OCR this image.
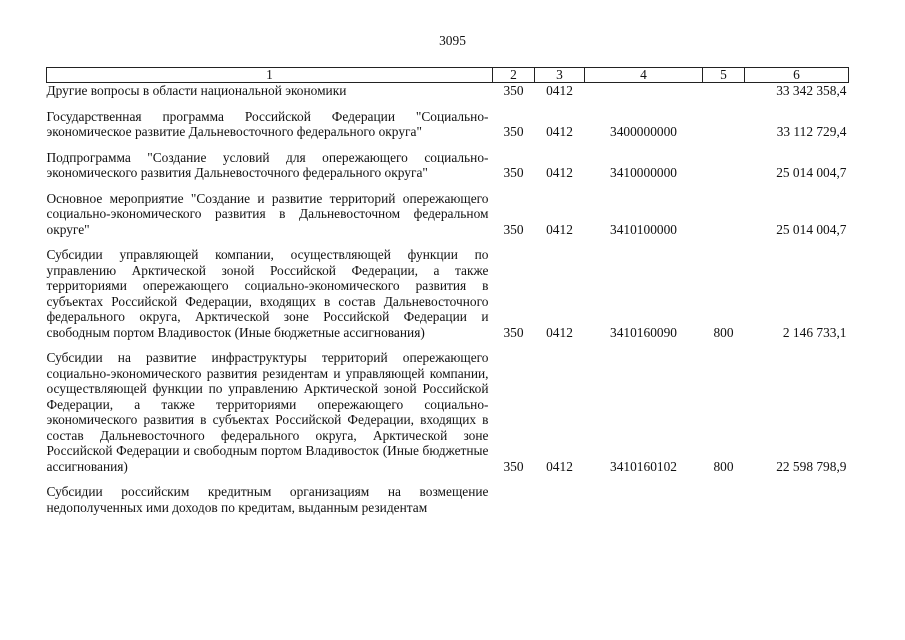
3095
1	2	3	4	5	6
Другие вопросы в области национальной экономики	350	0412			33 342 358,4

Государственная программа Российской Федерации "Социально-экономическое развитие Дальневосточного федерального округа"	350	0412	3400000000		33 112 729,4

Подпрограмма "Создание условий для опережающего социально-экономического развития Дальневосточного федерального округа"	350	0412	3410000000		25 014 004,7

Основное мероприятие "Создание и развитие территорий опережающего социально-экономического развития в Дальневосточном федеральном округе"	350	0412	3410100000		25 014 004,7

Субсидии управляющей компании, осуществляющей функции по управлению Арктической зоной Российской Федерации, а также территориями опережающего социально-экономического развития в субъектах Российской Федерации, входящих в состав Дальневосточного федерального округа, Арктической зоне Российской Федерации и свободным портом Владивосток (Иные бюджетные ассигнования)	350	0412	3410160090	800	2 146 733,1

Субсидии на развитие инфраструктуры территорий опережающего социально-экономического развития резидентам и управляющей компании, осуществляющей функции по управлению Арктической зоной Российской Федерации, а также территориями опережающего социально-экономического развития в субъектах Российской Федерации, входящих в состав Дальневосточного федерального округа, Арктической зоне Российской Федерации и свободным портом Владивосток (Иные бюджетные ассигнования)	350	0412	3410160102	800	22 598 798,9

Субсидии российским кредитным организациям на возмещение недополученных ими доходов по кредитам, выданным резидентам					
